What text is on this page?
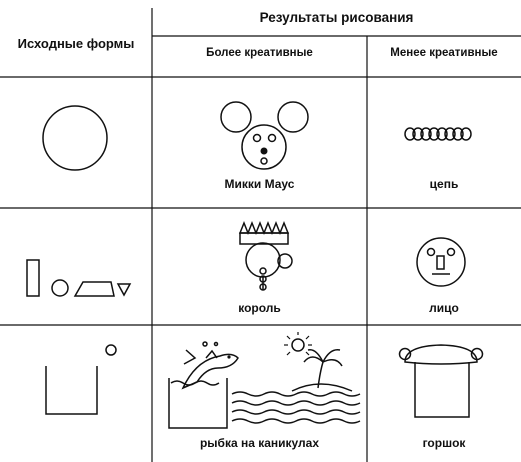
Исходные формы
Результаты рисования
Более креативные	Менее креативные
Микки Маус	цепь
король	лицо
рыбка на каникулах	горшок
